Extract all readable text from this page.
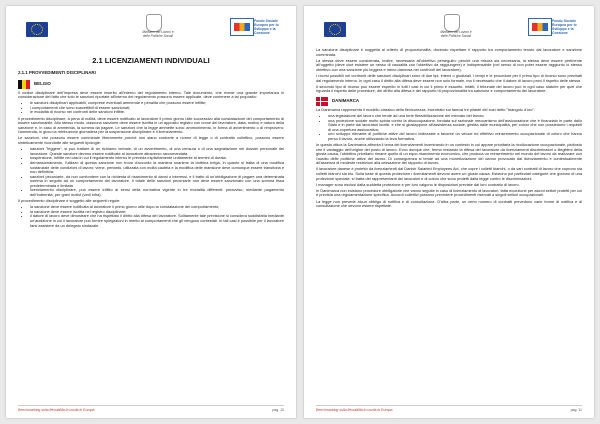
Ministero del Lavoro e delle Politiche Sociali
Fondo Sociale Europeo per lo Sviluppo e la Coesione
2.1 LICENZIAMENTI INDIVIDUALI
2.1.1 PROVVEDIMENTI DISCIPLINARI
BELGIO

Il codice disciplinare dell'impresa deve essere inserito all'interno del regolamento interno. Tale documento, che rivede una grande importanza in considerazione del fatto che solo le sanzioni riportate all'interno del regolamento possono essere applicate, deve contenere a tal proposito:

• le sanzioni disciplinari applicabili, comprese eventuali ammende e penalità che possono essere inflitte;
• i comportamenti che sono suscettibili di essere sanzionati;
• le modalità di ricorso nei confronti delle sanzioni inflitte.

Il procedimento disciplinare, a pena di nullità, deve essere notificato al lavoratore il primo giorno utile successivo alla constatazione del comportamento di essere sanzionabile. Allo stesso modo, ciascuna sanzione deve essere iscritta in un apposito registro con nome del lavoratore, data, motivo e natura della sanzione e, in caso di ammenda, la somma da pagare. Le sanzioni che la legge ammette sono: ammonimento, in forma di avvertimento o di rimprovero; l'ammenda; in gioco la retribuzione giornaliera per la sospensione disciplinare e il licenziamento.

Le sanzioni, che possono essere comminate liberamente purché non siano contrarie a norme di legge o di contratto collettivo, possono essere sinteticamente ricondotte alle seguenti tipologie:

• sanzioni "leggere", si può trattare di un richiamo verbale, di un avvertimento, di una censura o di una segnalazione nel dossier personale del lavoratore. Queste sanzioni devono essere notificate al lavoratore attraverso raccomandata.
• sospensione, inflitte nei casi in cui il regolamento interno le preveda esplicitamente unitamente ai termini di durata.
• demansionamento, l'utilizzo di questa sanzione non trova d'accordo la maniera unanime la dottrina belga, in quanto si tratta di una modifica sostanziale delle condizioni di lavoro; viene, pertanto, utilizzata con molta cautela e la modifica delle mansione deve comunque essere transitoria e non definitiva;
• sanzioni pecuniarie, da non confondere con la richiesta di risarcimento di danni o interessi, e il tratto di un'obbligazione di pagare una determinata somma in seguito ad un comportamento del lavoratore. Il totale delle sanzioni pecuniarie non deve essere sanzionato con una somma fissa predeterminata e limitata.
• licenziamento disciplinare, può essere inflitto ai sensi della normativa vigente in tre modalità differenti: preavviso, mediante pagamento dell'indennità, per gravi motivi (vedi infra).

Il procedimento disciplinare è soggetto alle seguenti regole:

• la sanzione deve essere notificata al lavoratore il primo giorno utile dopo la constatazione del comportamento;
• la sanzione deve essere iscritta nel registro disciplinare;
• il datore di lavoro deve dimostrare che ha rispettato il diritto alla difesa del lavoratore. Solitamente tale previsione si considera soddisfatta mediante un'audizione in cui il lavoratore può fornire spiegazioni in merito ai comportamenti che gli vengono contestati. In tali casi è possibile per il lavoratore farsi assistere da un delegato sindacale.
Benchmarking sulla flessibilità in uscita in Europa	pag. 10
Ministero del Lavoro e delle Politiche Sociali
Fondo Sociale Europeo per lo Sviluppo e la Coesione

La sanzione disciplinare è soggetta al criterio di proporzionalità, dovendo rispettare il rapporto tra comportamento tenuto dal lavoratore e sanzione comminata.

La stessa deve essere considerata, inoltre, necessaria all'obiettivo perseguito: perché una misura sia necessaria, la stessa deve essere pertinente all'oggetto (deve cioè esistere un nesso di causalità con l'obiettivo da raggiungere) e indispensabile (nel senso di non poter essere raggiunto lo stesso obiettivo con una sanzione più leggera e meno dannosa nei confronti del lavoratore).

I ricorsi possibili nei confronti delle sanzioni disciplinari sono di due tipi, interni o giudiziali. I tempi e le procedure per il primo tipo di ricorso sono precisati dal regolamento interno. In ogni caso il diritto alla difesa deve essere non solo formale, ma il necessario che il datore di lavoro provi il rispetto delle stesse.

Il secondo tipo di ricorso può essere esperito in tutti i casi in cui il primo è esaurito. Infatti, il tribunale del lavoro può in ogni caso statuire per quel che riguarda il rispetto delle procedure, del diritto alla difesa e del rapporto di proporzionalità tra sanzione e comportamento del lavoratore.

DANIMARCA

La Danimarca rappresenta il modello classico della flexicurezza, incentrato sui famosi tre pilastri del così detto "triangolo d'oro":

• una legislazione del lavoro che tende ad una forte flessibilizzazione del mercato del lavoro;
• una protezione sociale molto spinta contro la disoccupazione, fondata sul razionale meccanismo dell'assicurazione che è finanziato in parte dallo Stato e in parte dai lavoratori iscritti, e che si giustappone all'assistenza sociale, gestita dalle municipalità, per coloro che non possiedono i requisiti di una copertura assicurativa;
• uno sviluppo rilevante di politiche attive del lavoro indirizzate a favorire un veloce ed effettivo reinserimento occupazionale di coloro che hanno perso il lavoro, anche utilizzando la leva formativa.

In questo ottica la Danimarca affronta il tema dei licenziamenti incentrando in un contesto in cui appare prioritaria la ricollocazione occupazionale, piuttosto che il vantaggio dell'origine del posto di lavoro. Ecco dunque che, fermo restando la difesa del lavoratore da licenziamenti discriminatori o illegittimi della giusta causa, l'obiettivo prioritario rimane quello di un equo risarcimento economico, che produca un reinserimento nel mondo del lavoro da realizzare con l'ausilio delle politiche attive del lavoro. Di conseguenza si tende ad una monetizzazione del danno provocato dal licenziamento e contestualmente all'assenza di modeste restrizioni alla cessazione del rapporto di lavoro.

Il lavoratore danese è protetto da licenziamenti dal Danish Salaried Employees Act, che copre i colletti bianchi, o da vari contratti di lavoro che coprono sia colletti bianchi sia blu. Sulla base di questa protezione i licenziamenti devono avere un giusto causa. Esistono poi particolari categorie che godono di una protezione speciale: si tratta dei rappresentanti dei lavoratori e di coloro che sono protetti dalla legge contro le discriminazioni.

I manager sono esclusi dalla suddetta protezione e per loro valgono le disposizioni previste dal loro contratto di lavoro.

In Danimarca non esistono procedure obbligatorie che vanno seguite in caso di licenziamento di lavoratori, fatta eccezione per alcuni settori protetti per cui è prevista una regolamentazione specifica. Accordi collettivi possono prevedere procedimenti riservati a singoli settori occupazionali.

La legge non prevede alcun obbligo di notifica e di consultazione. D'altra parte, un certo numero di contratti prevedono varie forme di notifica e di consultazione che devono essere rispettate.

Benchmarking sulla flessibilità in uscita in Europa	pag. 11
